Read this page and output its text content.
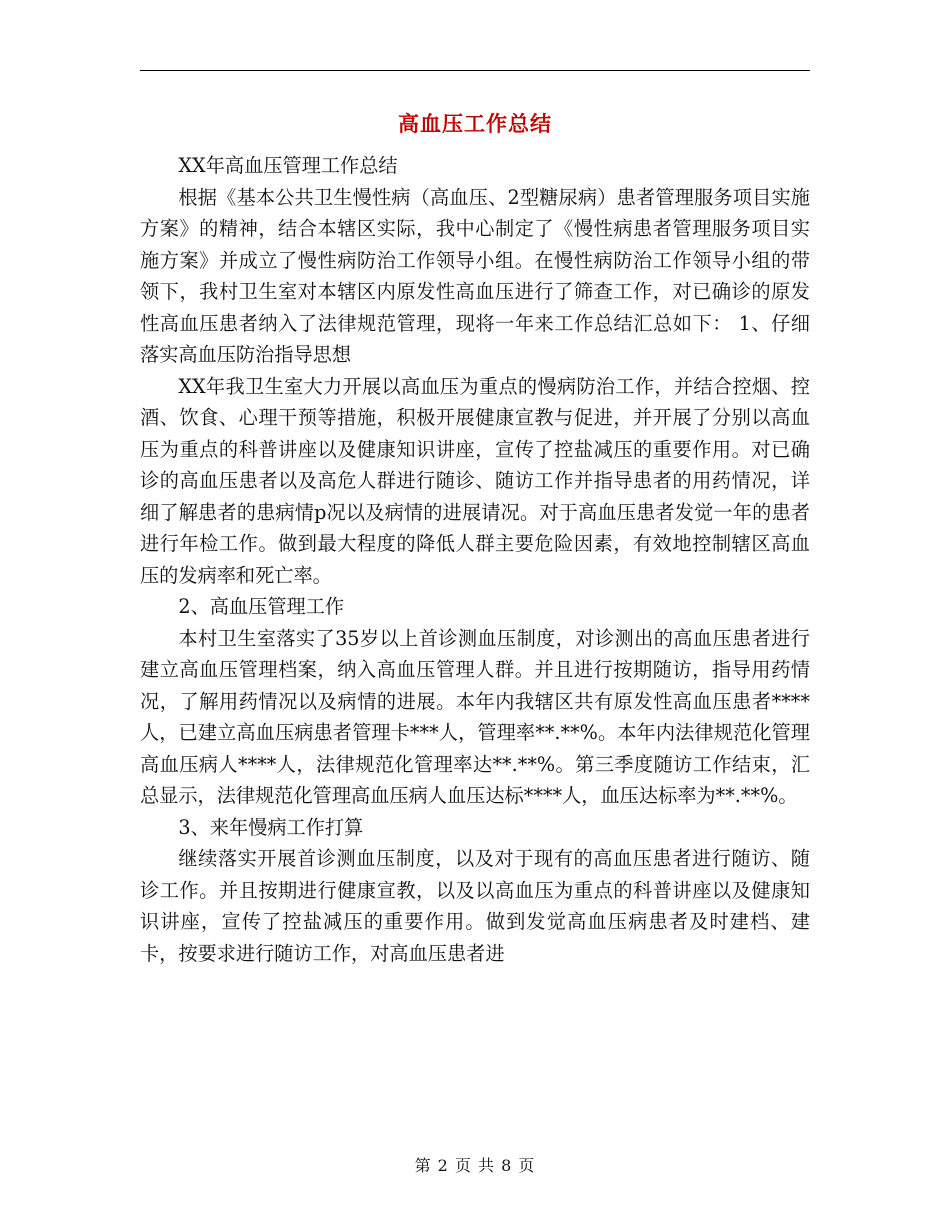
高血压工作总结

XX年高血压管理工作总结

根据《基本公共卫生慢性病（高血压、2型糖尿病）患者管理服务项目实施方案》的精神，结合本辖区实际，我中心制定了《慢性病患者管理服务项目实施方案》并成立了慢性病防治工作领导小组。在慢性病防治工作领导小组的带领下，我村卫生室对本辖区内原发性高血压进行了筛查工作，对已确诊的原发性高血压患者纳入了法律规范管理，现将一年来工作总结汇总如下： 1、仔细落实高血压防治指导思想

XX年我卫生室大力开展以高血压为重点的慢病防治工作，并结合控烟、控酒、饮食、心理干预等措施，积极开展健康宣教与促进，并开展了分别以高血压为重点的科普讲座以及健康知识讲座，宣传了控盐减压的重要作用。对已确诊的高血压患者以及高危人群进行随诊、随访工作并指导患者的用药情况，详细了解患者的患病情p况以及病情的进展请况。对于高血压患者发觉一年的患者进行年检工作。做到最大程度的降低人群主要危险因素，有效地控制辖区高血压的发病率和死亡率。

2、高血压管理工作

本村卫生室落实了35岁以上首诊测血压制度，对诊测出的高血压患者进行建立高血压管理档案，纳入高血压管理人群。并且进行按期随访，指导用药情况，了解用药情况以及病情的进展。本年内我辖区共有原发性高血压患者****人，已建立高血压病患者管理卡***人，管理率**.**%。本年内法律规范化管理高血压病人****人，法律规范化管理率达**.**%。第三季度随访工作结束，汇总显示，法律规范化管理高血压病人血压达标****人，血压达标率为**.**%。

3、来年慢病工作打算

继续落实开展首诊测血压制度，以及对于现有的高血压患者进行随访、随诊工作。并且按期进行健康宣教，以及以高血压为重点的科普讲座以及健康知识讲座，宣传了控盐减压的重要作用。做到发觉高血压病患者及时建档、建卡，按要求进行随访工作，对高血压患者进

第 2 页 共 8 页
